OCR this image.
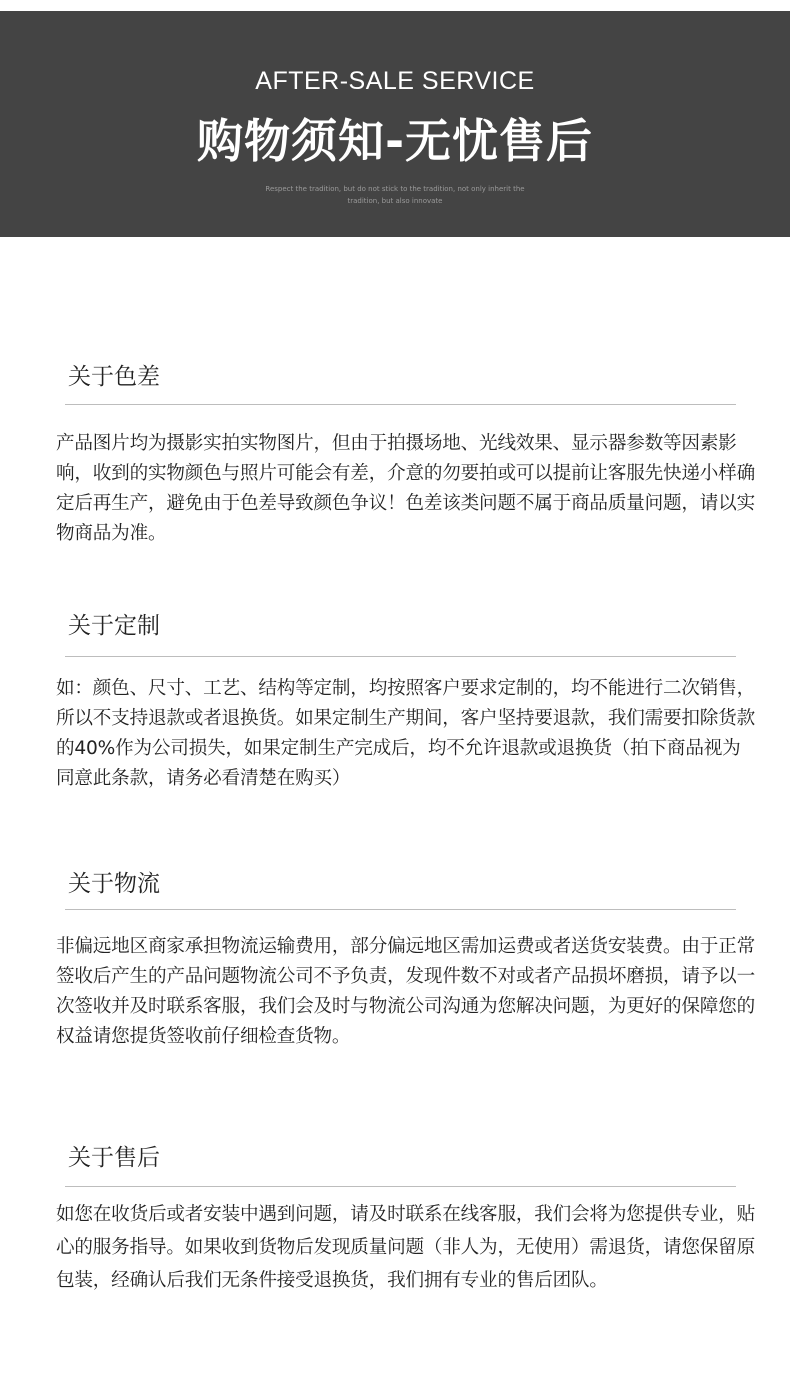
AFTER-SALE SERVICE
购物须知-无忧售后
Respect the tradition, but do not stick to the tradition, not only inherit the tradition, but also innovate
关于色差

产品图片均为摄影实拍实物图片，但由于拍摄场地、光线效果、显示器参数等因素影响，收到的实物颜色与照片可能会有差，介意的勿要拍或可以提前让客服先快递小样确定后再生产，避免由于色差导致颜色争议！色差该类问题不属于商品质量问题，请以实物商品为准。

关于定制

如：颜色、尺寸、工艺、结构等定制，均按照客户要求定制的，均不能进行二次销售，所以不支持退款或者退换货。如果定制生产期间，客户坚持要退款，我们需要扣除货款的40%作为公司损失，如果定制生产完成后，均不允许退款或退换货（拍下商品视为同意此条款，请务必看清楚在购买）

关于物流

非偏远地区商家承担物流运输费用，部分偏远地区需加运费或者送货安装费。由于正常签收后产生的产品问题物流公司不予负责，发现件数不对或者产品损坏磨损，请予以一次签收并及时联系客服，我们会及时与物流公司沟通为您解决问题，为更好的保障您的权益请您提货签收前仔细检查货物。

关于售后

如您在收货后或者安装中遇到问题，请及时联系在线客服，我们会将为您提供专业，贴心的服务指导。如果收到货物后发现质量问题（非人为，无使用）需退货，请您保留原包装，经确认后我们无条件接受退换货，我们拥有专业的售后团队。
